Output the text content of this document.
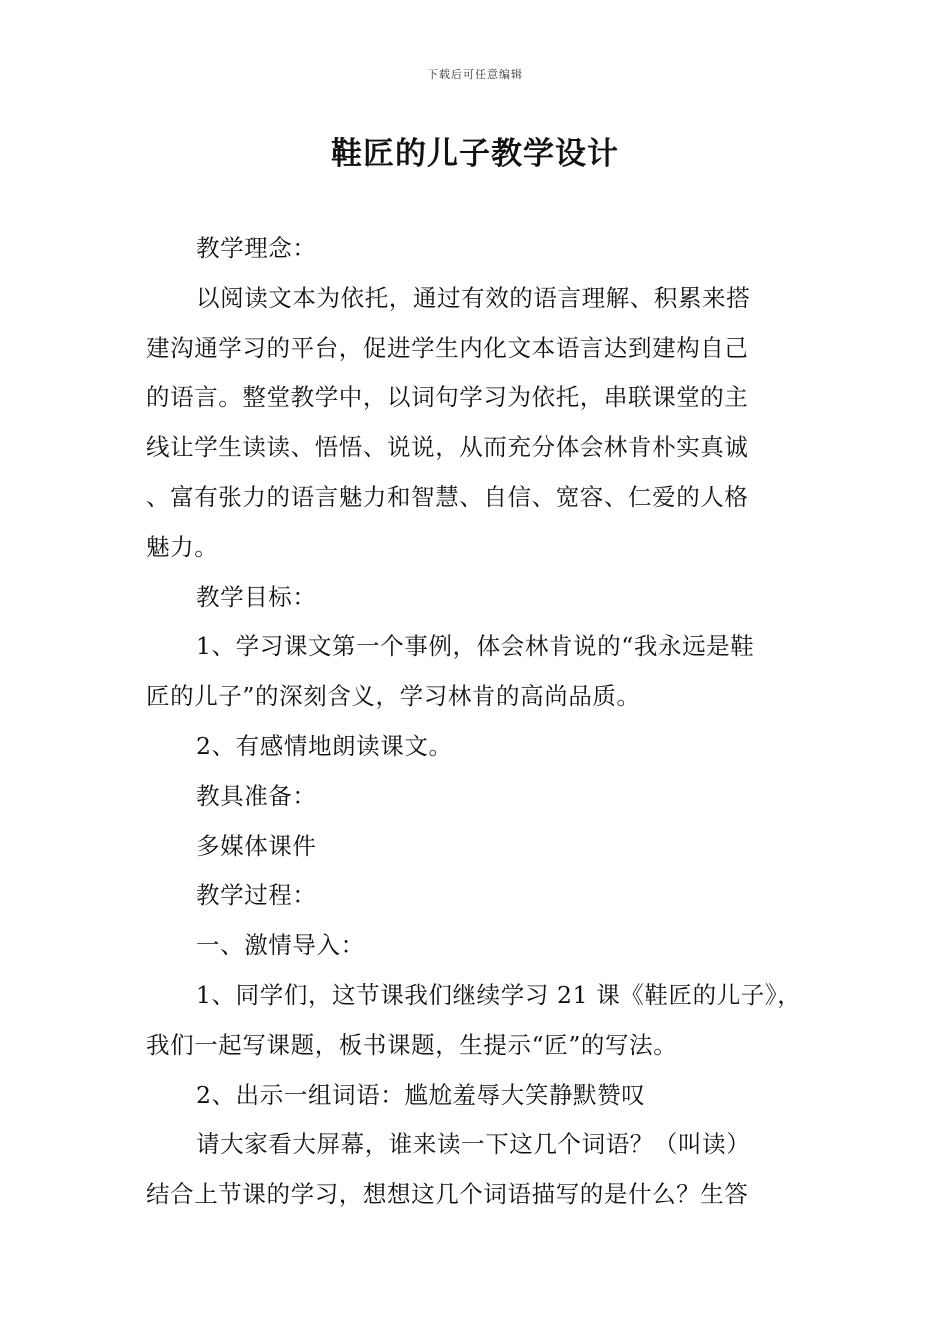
下载后可任意编辑
鞋匠的儿子教学设计
教学理念：
以阅读文本为依托，通过有效的语言理解、积累来搭
建沟通学习的平台，促进学生内化文本语言达到建构自己
的语言。整堂教学中，以词句学习为依托，串联课堂的主
线让学生读读、悟悟、说说，从而充分体会林肯朴实真诚
、富有张力的语言魅力和智慧、自信、宽容、仁爱的人格
魅力。
教学目标：
1、学习课文第一个事例，体会林肯说的“我永远是鞋
匠的儿子”的深刻含义，学习林肯的高尚品质。
2、有感情地朗读课文。
教具准备：
多媒体课件
教学过程：
一、激情导入：
1、同学们，这节课我们继续学习 21 课《鞋匠的儿子》，
我们一起写课题，板书课题，生提示“匠”的写法。
2、出示一组词语：尴尬羞辱大笑静默赞叹
请大家看大屏幕，谁来读一下这几个词语？（叫读）
结合上节课的学习，想想这几个词语描写的是什么？生答
